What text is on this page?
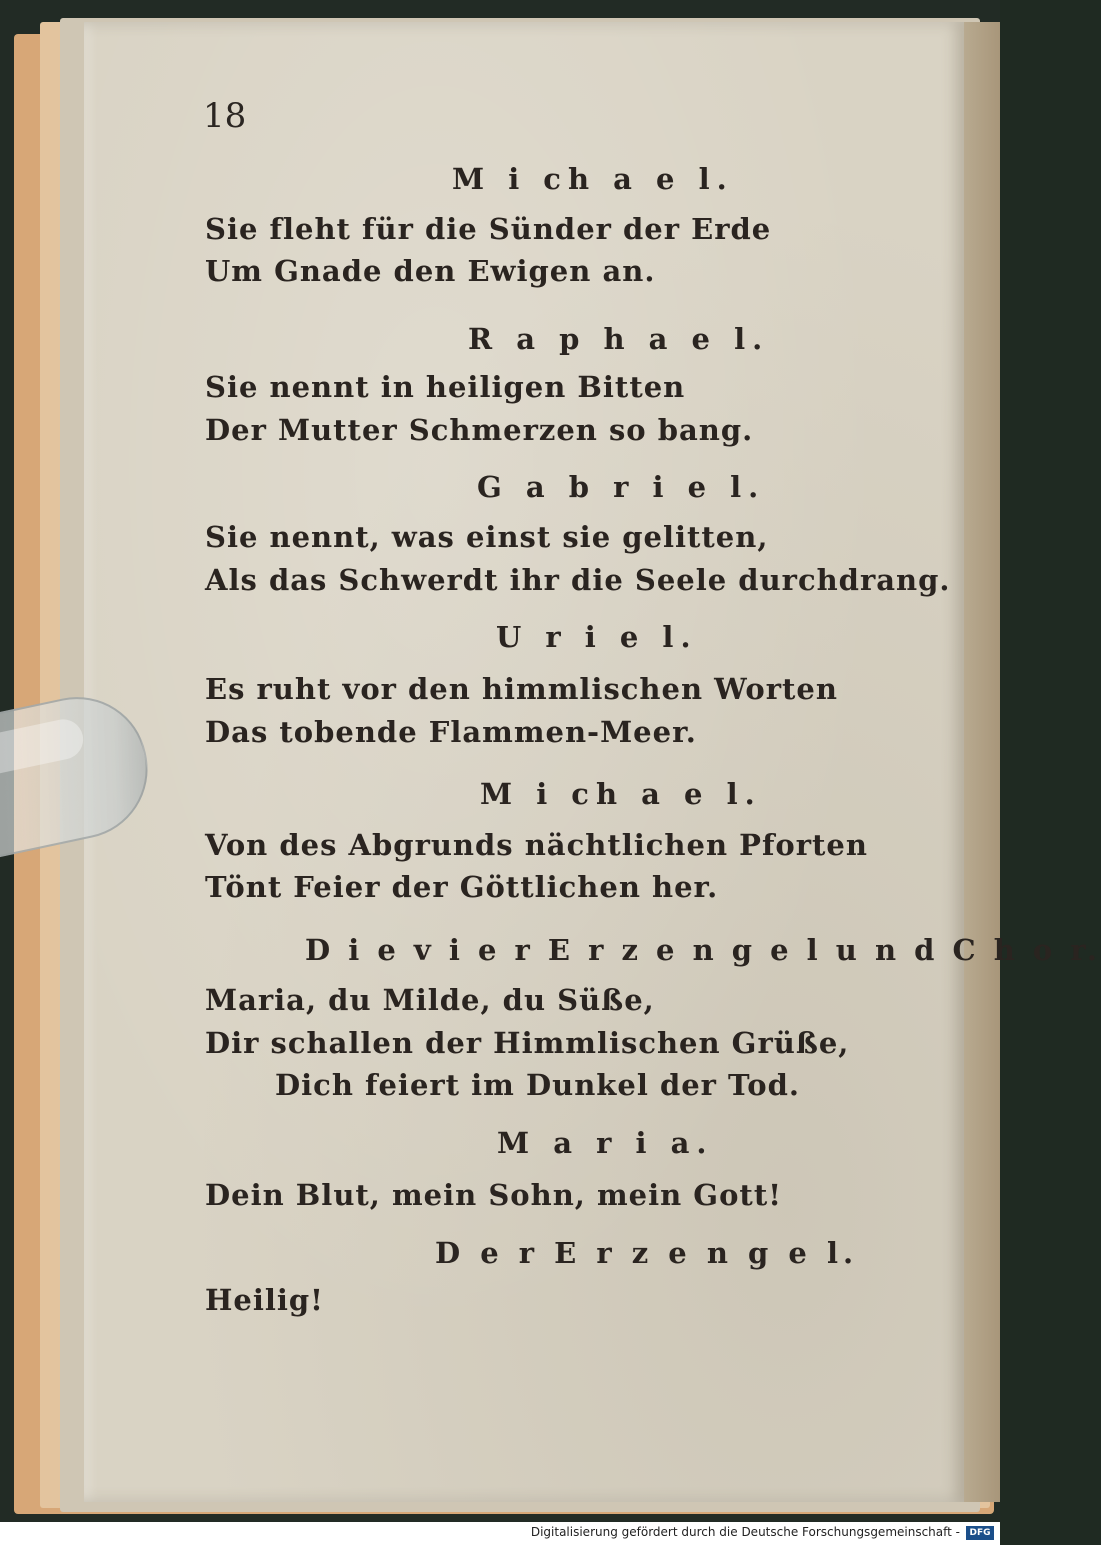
18
M i ch a e l.
Sie fleht für die Sünder der Erde
Um Gnade den Ewigen an.
R a p h a e l.
Sie nennt in heiligen Bitten
Der Mutter Schmerzen so bang.
G a b r i e l.
Sie nennt, was einst sie gelitten,
Als das Schwerdt ihr die Seele durchdrang.
U r i e l.
Es ruht vor den himmlischen Worten
Das tobende Flammen-Meer.
M i ch a e l.
Von des Abgrunds nächtlichen Pforten
Tönt Feier der Göttlichen her.
D i e v i e r E r z e n g e l u n d C h o r.
Maria, du Milde, du Süße,
Dir schallen der Himmlischen Grüße,
Dich feiert im Dunkel der Tod.
M a r i a.
Dein Blut, mein Sohn, mein Gott!
D e r E r z e n g e l.
Heilig!
Digitalisierung gefördert durch die Deutsche Forschungsgemeinschaft -	DFG
